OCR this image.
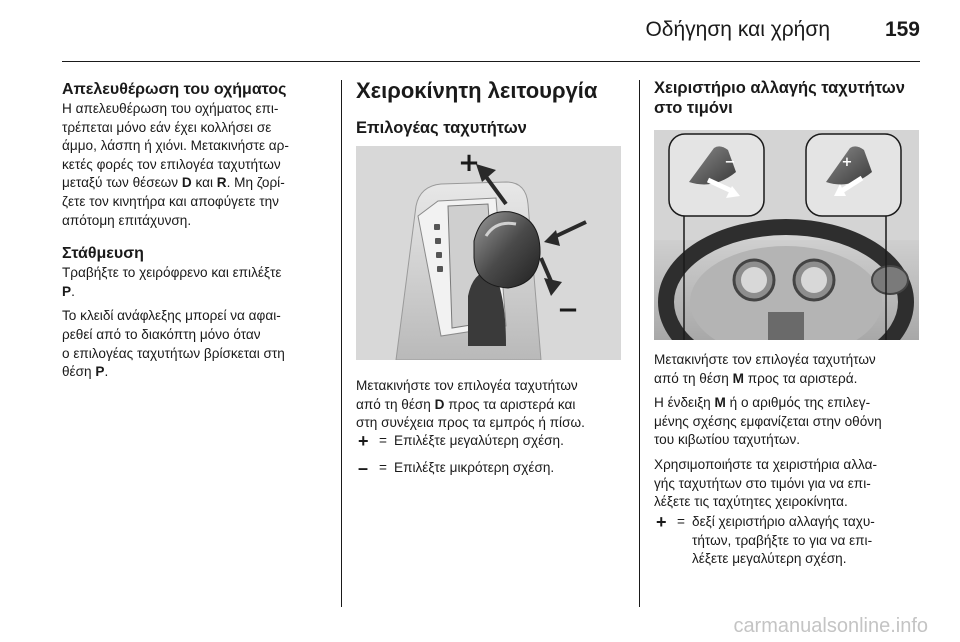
Οδήγηση και χρήση	159
Απελευθέρωση του οχήματος

Η απελευθέρωση του οχήματος επι-

τρέπεται μόνο εάν έχει κολλήσει σε

άμμο, λάσπη ή χιόνι. Μετακινήστε αρ-

κετές φορές τον επιλογέα ταχυτήτων

μεταξύ των θέσεων D και R. Μη ζορί-

ζετε τον κινητήρα και αποφύγετε την

απότομη επιτάχυνση.

Στάθμευση

Τραβήξτε το χειρόφρενο και επιλέξτε

P.

Το κλειδί ανάφλεξης μπορεί να αφαι-

ρεθεί από το διακόπτη μόνο όταν

ο επιλογέας ταχυτήτων βρίσκεται στη

θέση P.

Χειροκίνητη λειτουργία
Επιλογέας ταχυτήτων
+
−

Μετακινήστε τον επιλογέα ταχυτήτων

από τη θέση D προς τα αριστερά και

στη συνέχεια προς τα εμπρός ή πίσω.

+ = Επιλέξτε μεγαλύτερη σχέση.
– = Επιλέξτε μικρότερη σχέση.
Χειριστήριο αλλαγής ταχυτήτων
στο τιμόνι
−	+

Μετακινήστε τον επιλογέα ταχυτήτων

από τη θέση M προς τα αριστερά.

Η ένδειξη M ή ο αριθμός της επιλεγ-

μένης σχέσης εμφανίζεται στην οθόνη

του κιβωτίου ταχυτήτων.

Χρησιμοποιήστε τα χειριστήρια αλλα-

γής ταχυτήτων στο τιμόνι για να επι-

λέξετε τις ταχύτητες χειροκίνητα.

+ = δεξί χειριστήριο αλλαγής ταχυ-
τήτων, τραβήξτε το για να επι-
λέξετε μεγαλύτερη σχέση.
carmanualsonline.info
